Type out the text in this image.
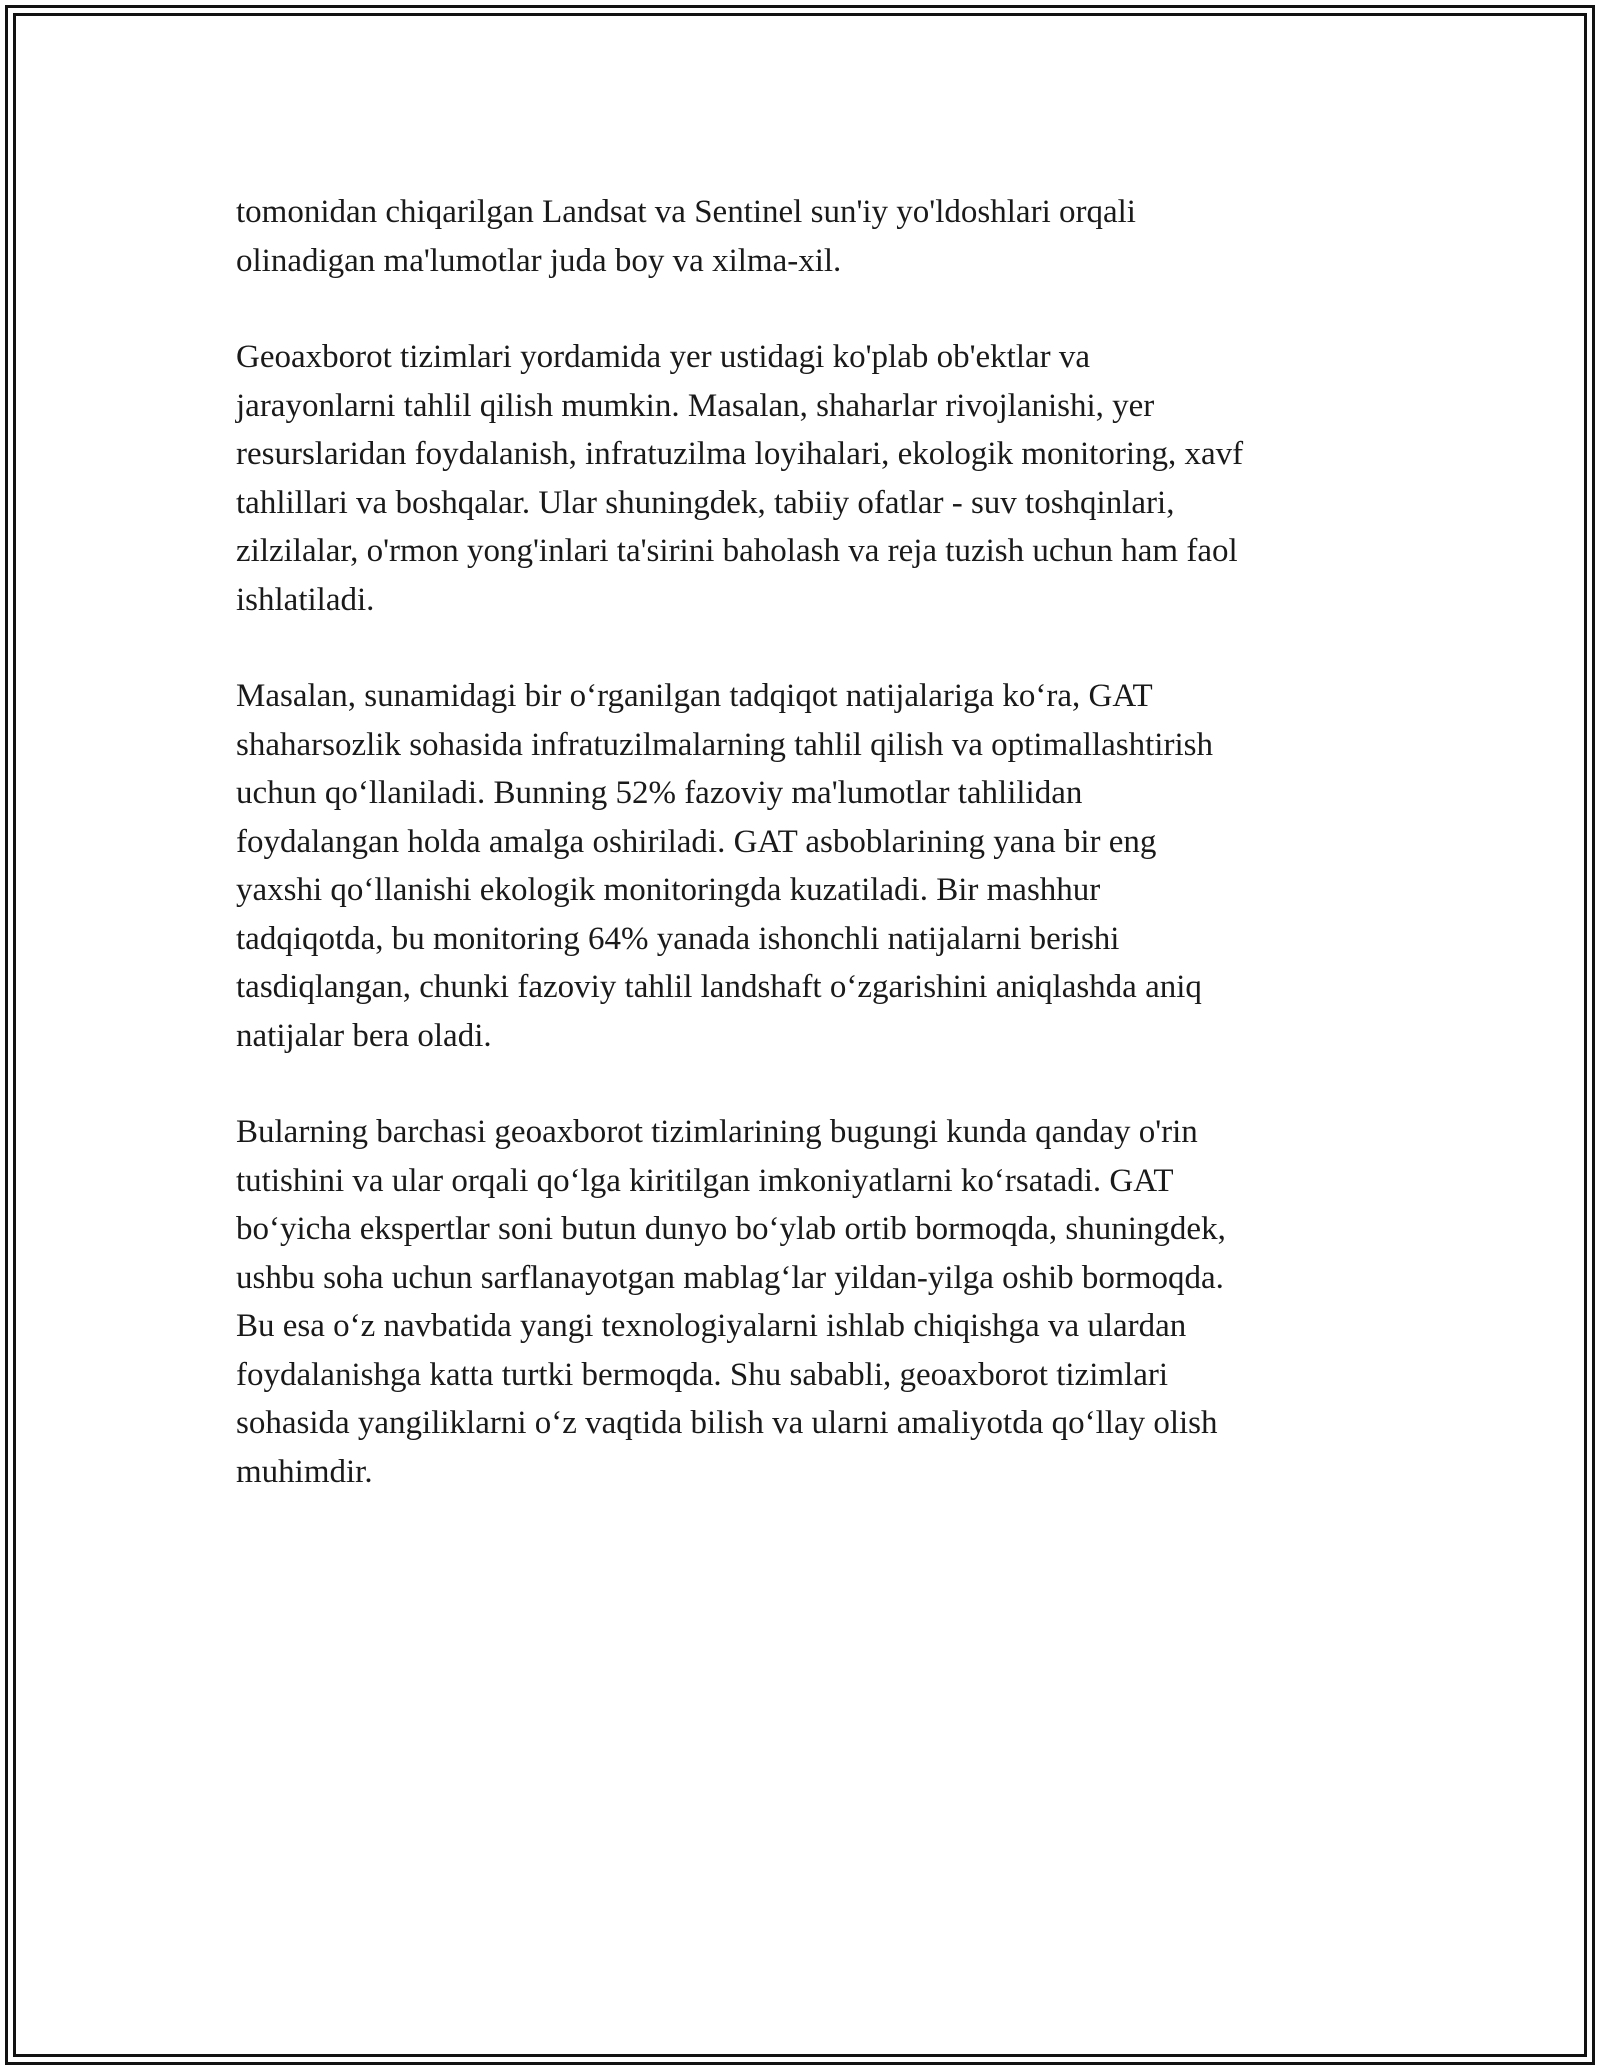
tomonidan chiqarilgan Landsat va Sentinel sun'iy yo'ldoshlari orqali
olinadigan ma'lumotlar juda boy va xilma-xil.

Geoaxborot tizimlari yordamida yer ustidagi ko'plab ob'ektlar va
jarayonlarni tahlil qilish mumkin. Masalan, shaharlar rivojlanishi, yer
resurslaridan foydalanish, infratuzilma loyihalari, ekologik monitoring, xavf
tahlillari va boshqalar. Ular shuningdek, tabiiy ofatlar - suv toshqinlari,
zilzilalar, o'rmon yong'inlari ta'sirini baholash va reja tuzish uchun ham faol
ishlatiladi.

Masalan, sunamidagi bir o‘rganilgan tadqiqot natijalariga ko‘ra, GAT
shaharsozlik sohasida infratuzilmalarning tahlil qilish va optimallashtirish
uchun qo‘llaniladi. Bunning 52% fazoviy ma'lumotlar tahlilidan
foydalangan holda amalga oshiriladi. GAT asboblarining yana bir eng
yaxshi qo‘llanishi ekologik monitoringda kuzatiladi. Bir mashhur
tadqiqotda, bu monitoring 64% yanada ishonchli natijalarni berishi
tasdiqlangan, chunki fazoviy tahlil landshaft o‘zgarishini aniqlashda aniq
natijalar bera oladi.

Bularning barchasi geoaxborot tizimlarining bugungi kunda qanday o'rin
tutishini va ular orqali qo‘lga kiritilgan imkoniyatlarni ko‘rsatadi. GAT
bo‘yicha ekspertlar soni butun dunyo bo‘ylab ortib bormoqda, shuningdek,
ushbu soha uchun sarflanayotgan mablag‘lar yildan-yilga oshib bormoqda.
Bu esa o‘z navbatida yangi texnologiyalarni ishlab chiqishga va ulardan
foydalanishga katta turtki bermoqda. Shu sababli, geoaxborot tizimlari
sohasida yangiliklarni o‘z vaqtida bilish va ularni amaliyotda qo‘llay olish
muhimdir.
